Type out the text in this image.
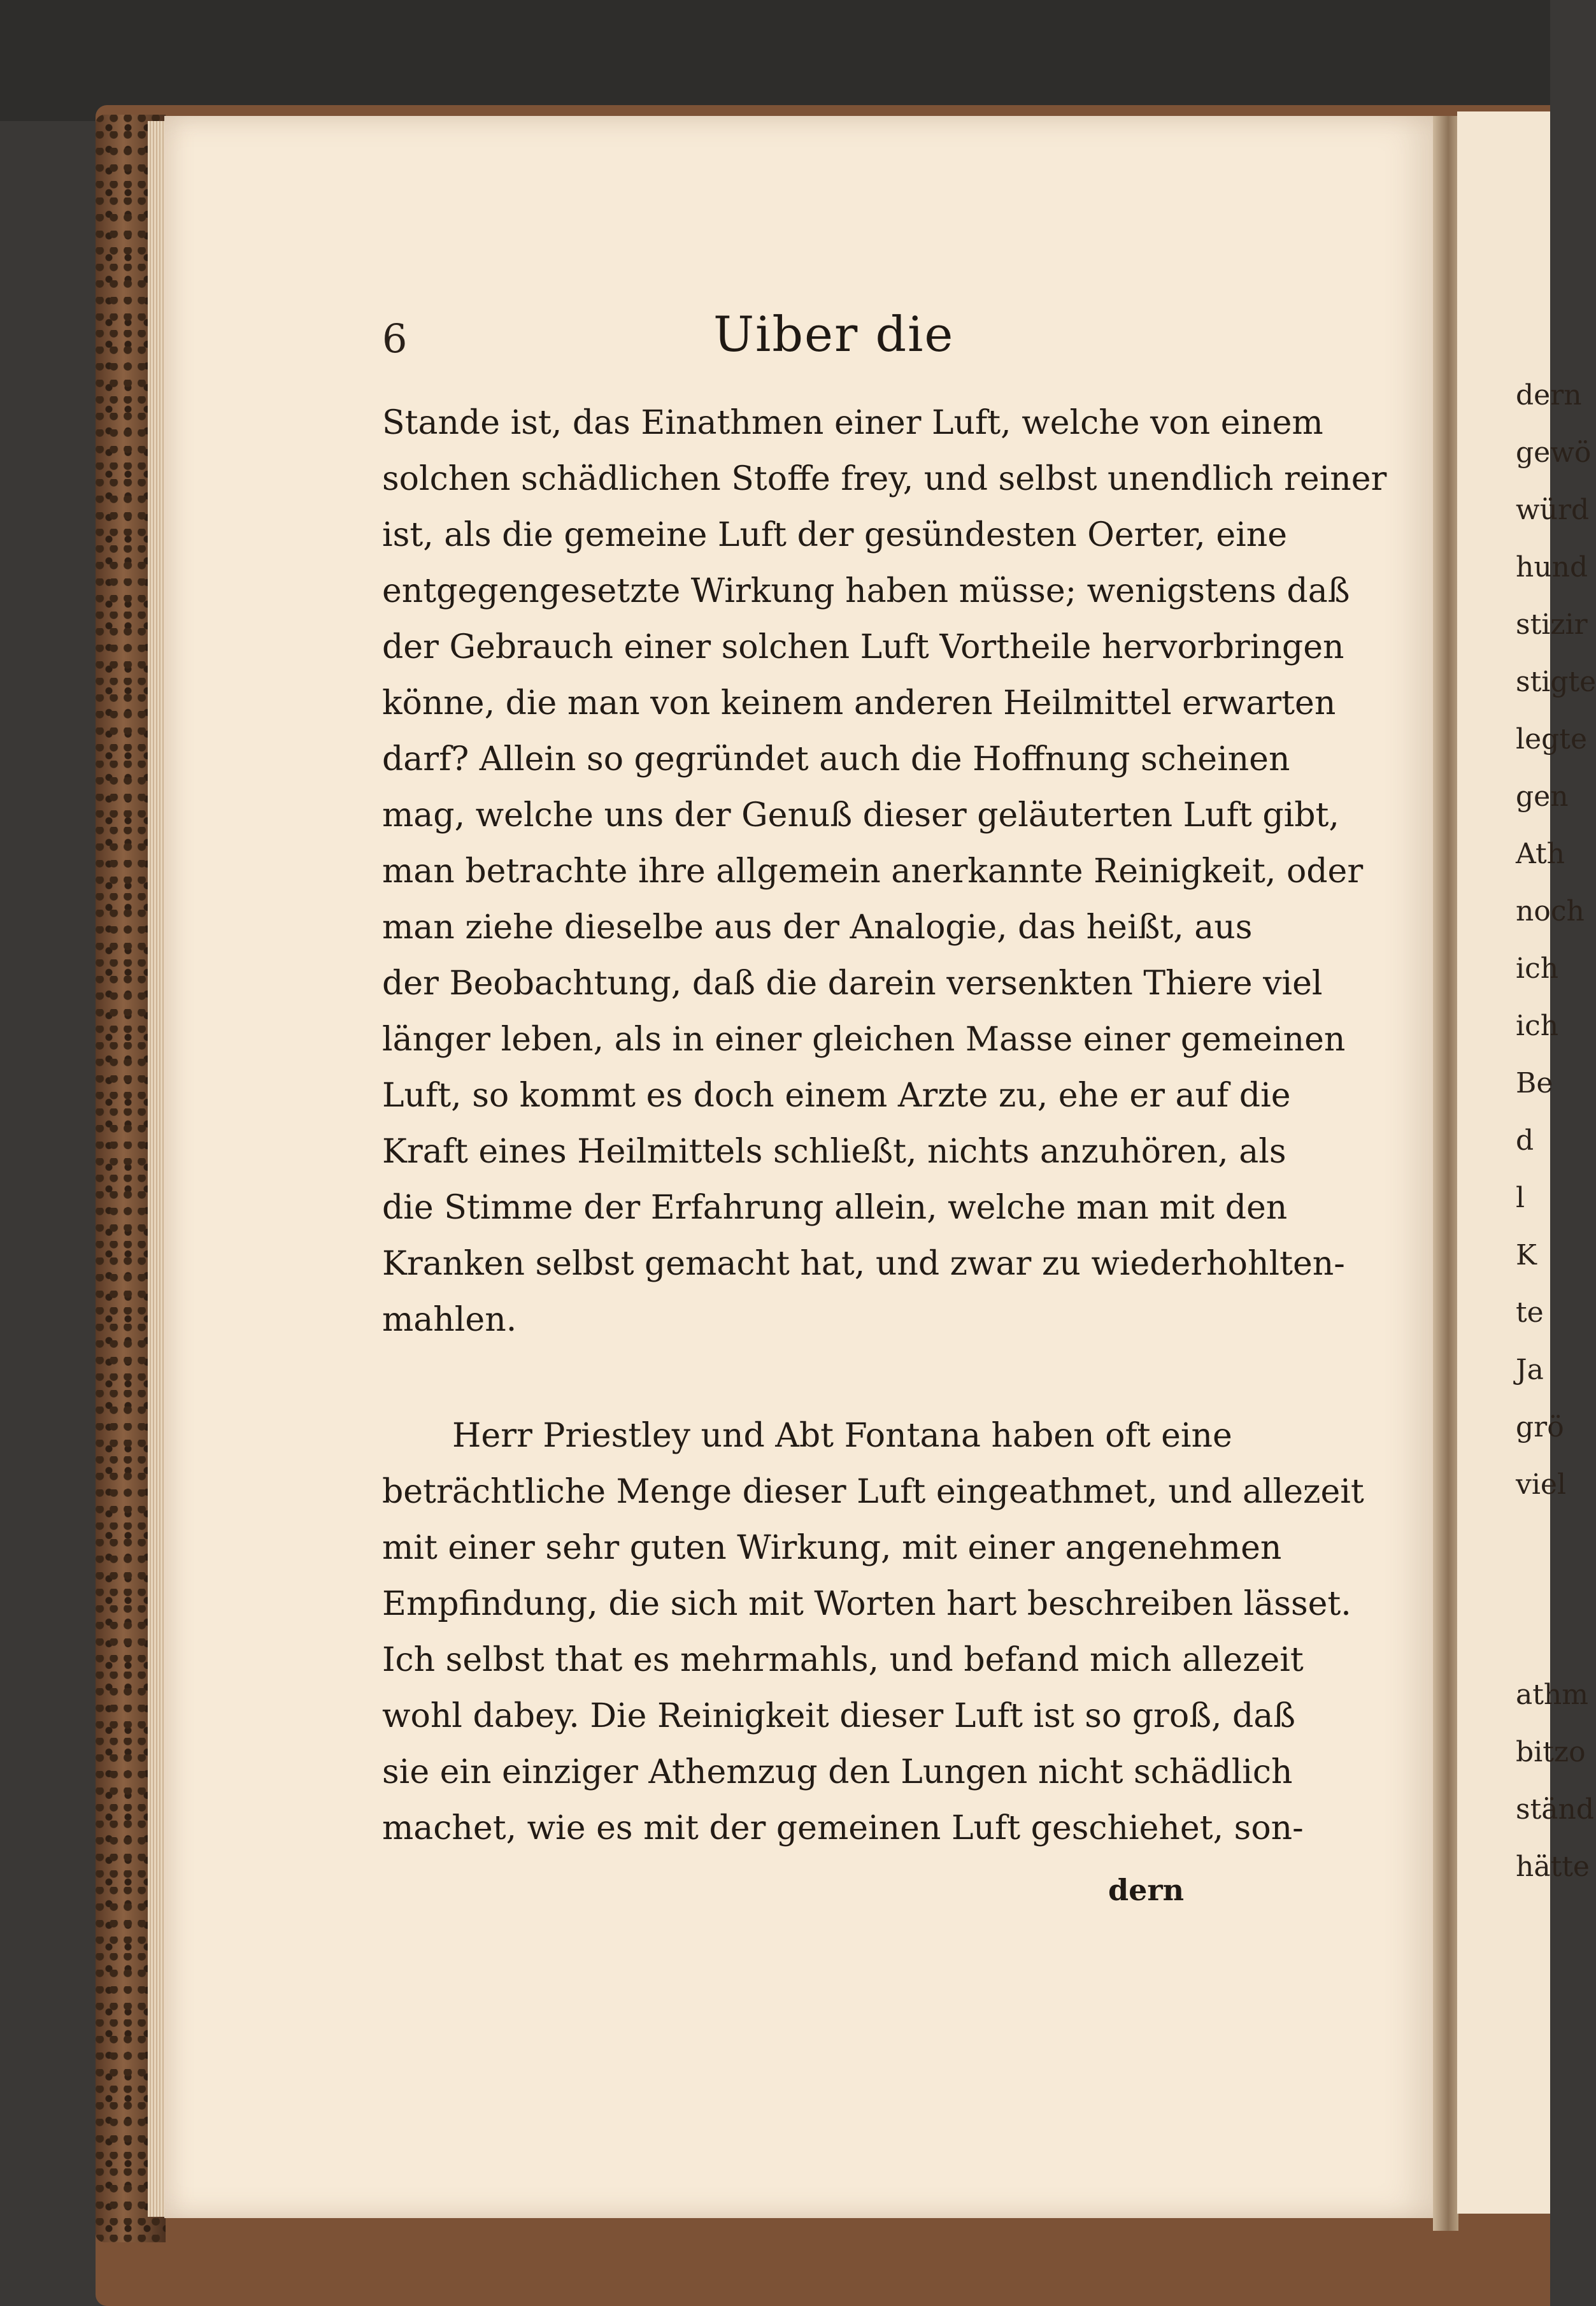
dern
gewö
würd
hund
stizir
stigte
legte
gen
Ath
noch
ich
ich
Be
d
l
K
te
Ja
grö
viel
athm
bitzo
ständ
hätte
6	Uiber die
Stande ist, das Einathmen einer Luft, welche von einem
solchen schädlichen Stoffe frey, und selbst unendlich reiner
ist, als die gemeine Luft der gesündesten Oerter, eine
entgegengesetzte Wirkung haben müsse; wenigstens daß
der Gebrauch einer solchen Luft Vortheile hervorbringen
könne, die man von keinem anderen Heilmittel erwarten
darf? Allein so gegründet auch die Hoffnung scheinen
mag, welche uns der Genuß dieser geläuterten Luft gibt,
man betrachte ihre allgemein anerkannte Reinigkeit, oder
man ziehe dieselbe aus der Analogie, das heißt, aus
der Beobachtung, daß die darein versenkten Thiere viel
länger leben, als in einer gleichen Masse einer gemeinen
Luft, so kommt es doch einem Arzte zu, ehe er auf die
Kraft eines Heilmittels schließt, nichts anzuhören, als
die Stimme der Erfahrung allein, welche man mit den
Kranken selbst gemacht hat, und zwar zu wiederhohlten-
mahlen.
Herr Priestley und Abt Fontana haben oft eine
beträchtliche Menge dieser Luft eingeathmet, und allezeit
mit einer sehr guten Wirkung, mit einer angenehmen
Empfindung, die sich mit Worten hart beschreiben lässet.
Ich selbst that es mehrmahls, und befand mich allezeit
wohl dabey. Die Reinigkeit dieser Luft ist so groß, daß
sie ein einziger Athemzug den Lungen nicht schädlich
machet, wie es mit der gemeinen Luft geschiehet, son-
dern
